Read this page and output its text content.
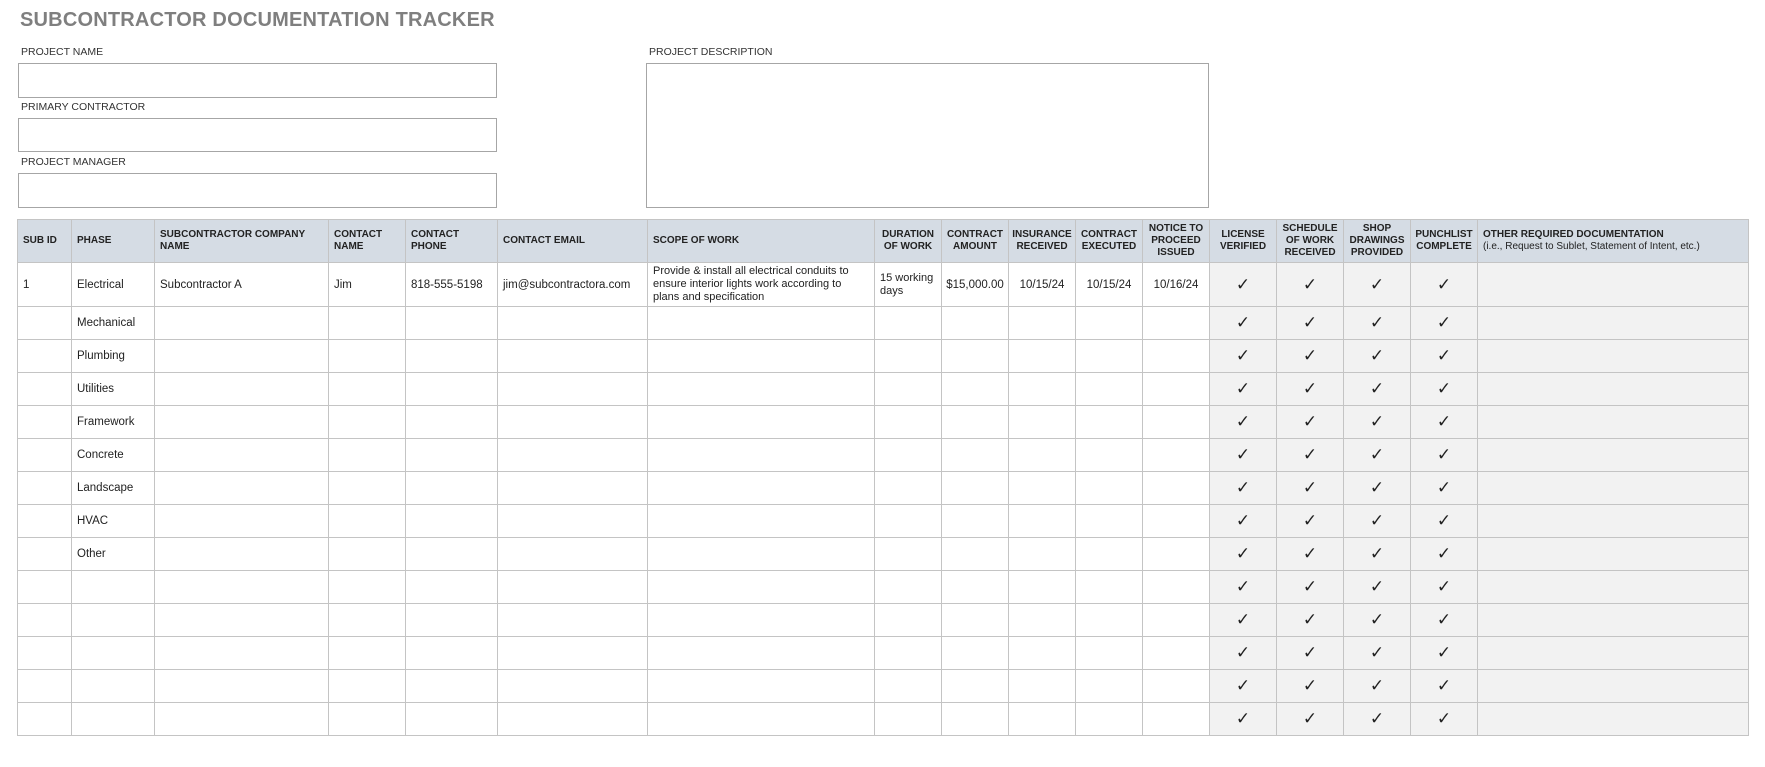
SUBCONTRACTOR DOCUMENTATION TRACKER
PROJECT NAME
PRIMARY CONTRACTOR
PROJECT MANAGER
PROJECT DESCRIPTION
SUB ID	PHASE	SUBCONTRACTOR COMPANY NAME	CONTACT NAME	CONTACT PHONE	CONTACT EMAIL	SCOPE OF WORK	DURATION OF WORK	CONTRACT AMOUNT	INSURANCE RECEIVED	CONTRACT EXECUTED	NOTICE TO PROCEED ISSUED	LICENSE VERIFIED	SCHEDULE OF WORK RECEIVED	SHOP DRAWINGS PROVIDED	PUNCHLIST COMPLETE	OTHER REQUIRED DOCUMENTATION
(i.e., Request to Sublet, Statement of Intent, etc.)

1	Electrical	Subcontractor A	Jim	818-555-5198	jim@subcontractora.com	Provide & install all electrical conduits to ensure interior lights work according to plans and specification	15 working days	$15,000.00	10/15/24	10/15/24	10/16/24	✓	✓	✓	✓	
	Mechanical											✓	✓	✓	✓	
	Plumbing											✓	✓	✓	✓	
	Utilities											✓	✓	✓	✓	
	Framework											✓	✓	✓	✓	
	Concrete											✓	✓	✓	✓	
	Landscape											✓	✓	✓	✓	
	HVAC											✓	✓	✓	✓	
	Other											✓	✓	✓	✓	
												✓	✓	✓	✓	
												✓	✓	✓	✓	
												✓	✓	✓	✓	
												✓	✓	✓	✓	
												✓	✓	✓	✓	
